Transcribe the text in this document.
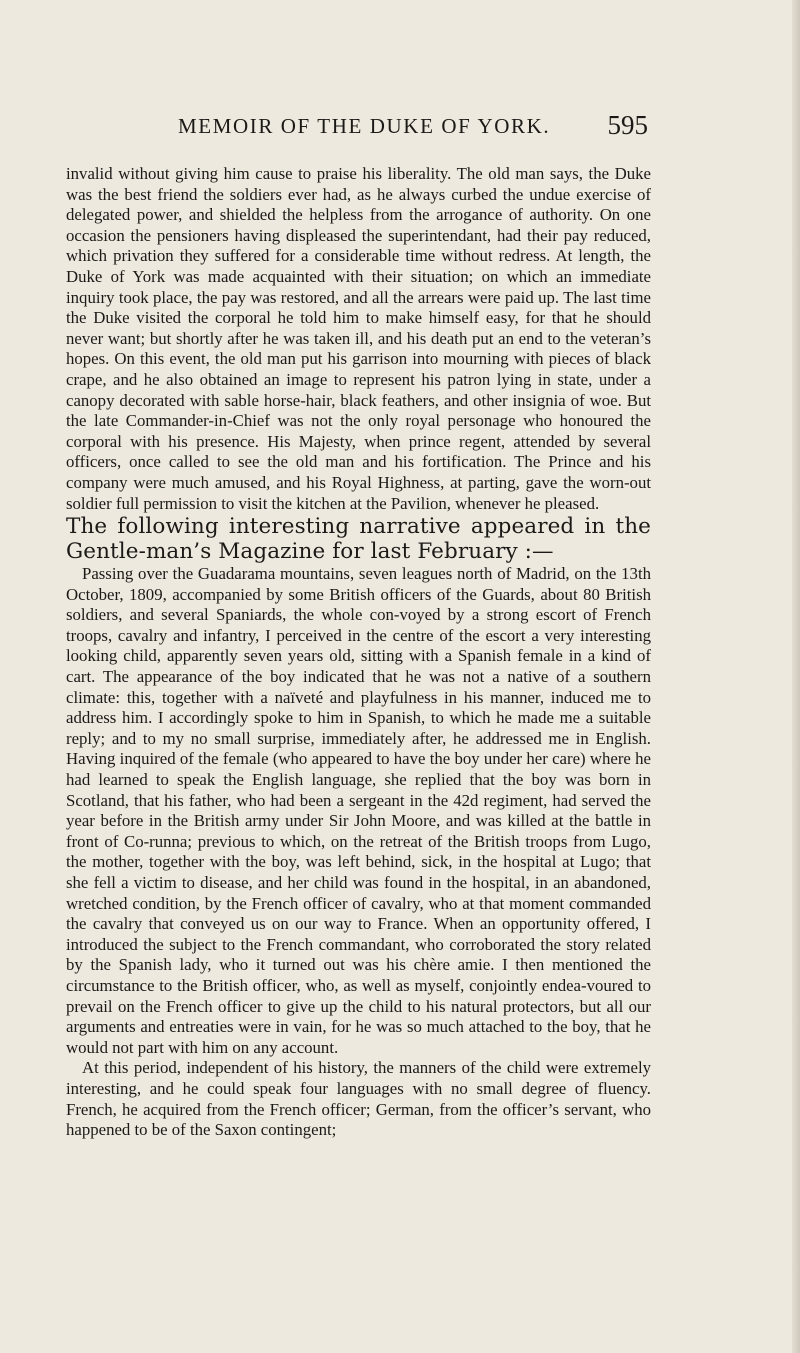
MEMOIR OF THE DUKE OF YORK. 595

invalid without giving him cause to praise his liberality. The old man says, the Duke was the best friend the soldiers ever had, as he always curbed the undue exercise of delegated power, and shielded the helpless from the arrogance of authority. On one occasion the pensioners having displeased the superintendant, had their pay reduced, which privation they suffered for a considerable time without redress. At length, the Duke of York was made acquainted with their situation; on which an immediate inquiry took place, the pay was restored, and all the arrears were paid up. The last time the Duke visited the corporal he told him to make himself easy, for that he should never want; but shortly after he was taken ill, and his death put an end to the veteran’s hopes. On this event, the old man put his garrison into mourning with pieces of black crape, and he also obtained an image to represent his patron lying in state, under a canopy decorated with sable horse-hair, black feathers, and other insignia of woe. But the late Commander-in-Chief was not the only royal personage who honoured the corporal with his presence. His Majesty, when prince regent, attended by several officers, once called to see the old man and his fortification. The Prince and his company were much amused, and his Royal Highness, at parting, gave the worn-out soldier full permission to visit the kitchen at the Pavilion, whenever he pleased.

The following interesting narrative appeared in the Gentle-man’s Magazine for last February :—

Passing over the Guadarama mountains, seven leagues north of Madrid, on the 13th October, 1809, accompanied by some British officers of the Guards, about 80 British soldiers, and several Spaniards, the whole con-voyed by a strong escort of French troops, cavalry and infantry, I perceived in the centre of the escort a very interesting looking child, apparently seven years old, sitting with a Spanish female in a kind of cart. The appearance of the boy indicated that he was not a native of a southern climate: this, together with a naïveté and playfulness in his manner, induced me to address him. I accordingly spoke to him in Spanish, to which he made me a suitable reply; and to my no small surprise, immediately after, he addressed me in English. Having inquired of the female (who appeared to have the boy under her care) where he had learned to speak the English language, she replied that the boy was born in Scotland, that his father, who had been a sergeant in the 42d regiment, had served the year before in the British army under Sir John Moore, and was killed at the battle in front of Co-runna; previous to which, on the retreat of the British troops from Lugo, the mother, together with the boy, was left behind, sick, in the hospital at Lugo; that she fell a victim to disease, and her child was found in the hospital, in an abandoned, wretched condition, by the French officer of cavalry, who at that moment commanded the cavalry that conveyed us on our way to France. When an opportunity offered, I introduced the subject to the French commandant, who corroborated the story related by the Spanish lady, who it turned out was his chère amie. I then mentioned the circumstance to the British officer, who, as well as myself, conjointly endea-voured to prevail on the French officer to give up the child to his natural protectors, but all our arguments and entreaties were in vain, for he was so much attached to the boy, that he would not part with him on any account.

At this period, independent of his history, the manners of the child were extremely interesting, and he could speak four languages with no small degree of fluency. French, he acquired from the French officer; German, from the officer’s servant, who happened to be of the Saxon contingent;
